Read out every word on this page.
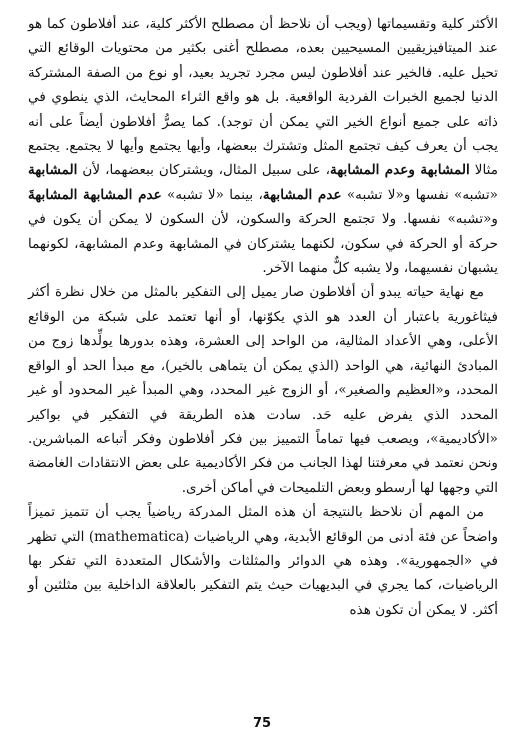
الأكثر كلية وتقسيماتها (ويجب أن نلاحظ أن مصطلح الأكثر كلية، عند أفلاطون كما هو عند الميتافيزيقيين المسيحيين بعده، مصطلح أغنى بكثير من محتويات الوقائع التي تحيل عليه. فالخير عند أفلاطون ليس مجرد تجريد بعيد، أو نوع من الصفة المشتركة الدنيا لجميع الخبرات الفردية الواقعية. بل هو واقع الثراء المحايث، الذي ينطوي في ذاته على جميع أنواع الخير التي يمكن أن توجد). كما يصرُّ أفلاطون أيضاً على أنه يجب أن يعرف كيف تجتمع المثل وتشترك ببعضها، وأيها يجتمع وأيها لا يجتمع. يجتمع مثالا المشابهة وعدم المشابهة، على سبيل المثال، ويشتركان ببعضهما، لأن المشابهة «تشبه» نفسها و«لا تشبه» عدم المشابهة، بينما «لا تشبه» عدم المشابهة المشابهةَ و«تشبه» نفسها. ولا تجتمع الحركة والسكون، لأن السكون لا يمكن أن يكون في حركة أو الحركة في سكون، لكنهما يشتركان في المشابهة وعدم المشابهة، لكونهما يشبهان نفسيهما، ولا يشبه كلٌّ منهما الآخر.

مع نهاية حياته يبدو أن أفلاطون صار يميل إلى التفكير بالمثل من خلال نظرة أكثر فيثاغورية باعتبار أن العدد هو الذي يكوّنها، أو أنها تعتمد على شبكة من الوقائع الأعلى، وهي الأعداد المثالية، من الواحد إلى العشرة، وهذه بدورها يولِّدها زوج من المبادئ النهائية، هي الواحد (الذي يمكن أن يتماهى بالخير)، مع مبدأ الحد أو الواقع المحدد، و«العظيم والصغير»، أو الزوج غير المحدد، وهي المبدأ غير المحدود أو غير المحدد الذي يفرض عليه حَد. سادت هذه الطريقة في التفكير في بواكير «الأكاديمية»، ويصعب فيها تماماً التمييز بين فكر أفلاطون وفكر أتباعه المباشرين. ونحن نعتمد في معرفتنا لهذا الجانب من فكر الأكاديمية على بعض الانتقادات الغامضة التي وجهها لها أرسطو وبعض التلميحات في أماكن أخرى.

من المهم أن نلاحظ بالنتيجة أن هذه المثل المدركة رياضياً يجب أن تتميز تميزاً واضحاً عن فئة أدنى من الوقائع الأبدية، وهي الرياضيات (mathematica) التي تظهر في «الجمهورية». وهذه هي الدوائر والمثلثات والأشكال المتعددة التي تفكر بها الرياضيات، كما يجري في البديهيات حيث يتم التفكير بالعلاقة الداخلية بين مثلثين أو أكثر. لا يمكن أن تكون هذه

75
